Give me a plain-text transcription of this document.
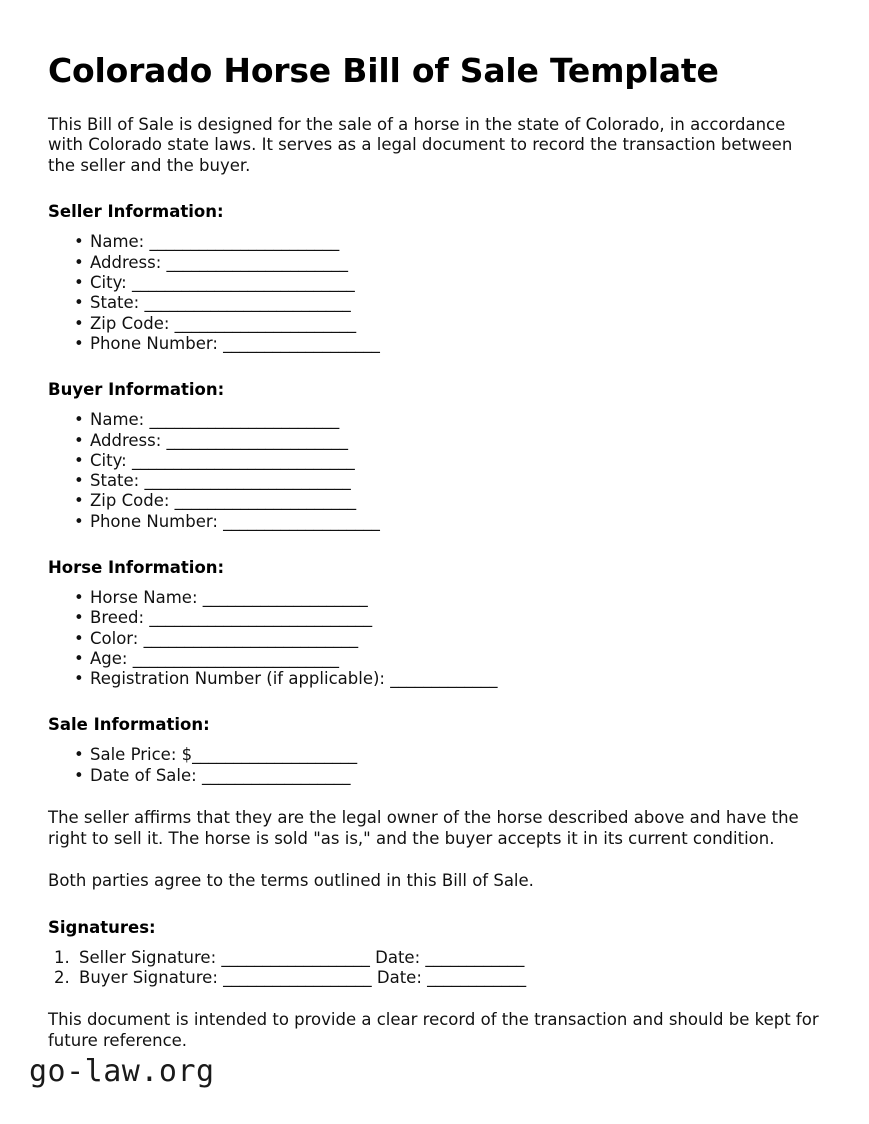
Colorado Horse Bill of Sale Template

This Bill of Sale is designed for the sale of a horse in the state of Colorado, in accordance with Colorado state laws. It serves as a legal document to record the transaction between the seller and the buyer.

Seller Information:
• Name: _______________________
• Address: ______________________
• City: ___________________________
• State: _________________________
• Zip Code: ______________________
• Phone Number: ___________________
Buyer Information:
• Name: _______________________
• Address: ______________________
• City: ___________________________
• State: _________________________
• Zip Code: ______________________
• Phone Number: ___________________
Horse Information:
• Horse Name: ____________________
• Breed: ___________________________
• Color: __________________________
• Age: _________________________
• Registration Number (if applicable): _____________
Sale Information:
• Sale Price: $____________________
• Date of Sale: __________________

The seller affirms that they are the legal owner of the horse described above and have the right to sell it. The horse is sold "as is," and the buyer accepts it in its current condition.

Both parties agree to the terms outlined in this Bill of Sale.

Signatures:
1. Seller Signature: __________________ Date: ____________
2. Buyer Signature: __________________ Date: ____________

This document is intended to provide a clear record of the transaction and should be kept for future reference.

go-law.org
